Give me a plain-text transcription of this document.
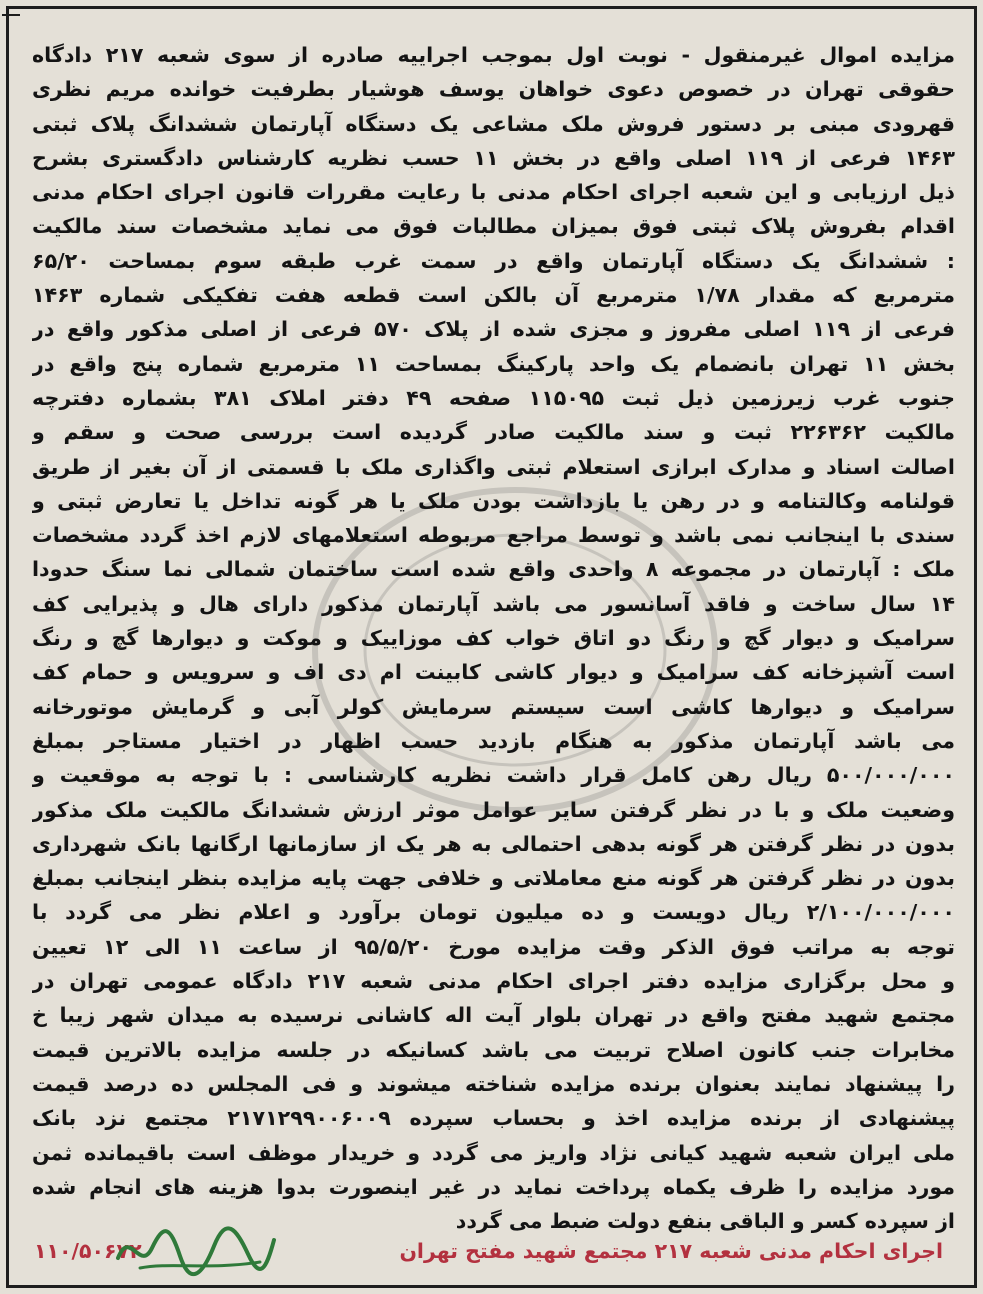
مزایده اموال غیرمنقول - نوبت اول بموجب اجراییه صادره از سوی شعبه ۲۱۷ دادگاه
حقوقی تهران در خصوص دعوی خواهان یوسف هوشیار بطرفیت خوانده مریم نظری
قهرودی مبنی بر دستور فروش ملک مشاعی یک دستگاه آپارتمان ششدانگ پلاک ثبتی
۱۴۶۳ فرعی از ۱۱۹ اصلی واقع در بخش ۱۱ حسب نظریه کارشناس دادگستری بشرح
ذیل ارزیابی و این شعبه اجرای احکام مدنی با رعایت مقررات قانون اجرای احکام مدنی
اقدام بفروش پلاک ثبتی فوق بمیزان مطالبات فوق می نماید مشخصات سند مالکیت
: ششدانگ یک دستگاه آپارتمان واقع در سمت غرب طبقه سوم بمساحت ۶۵/۲۰
مترمربع که مقدار ۱/۷۸ مترمربع آن بالکن است قطعه هفت تفکیکی شماره ۱۴۶۳
فرعی از ۱۱۹ اصلی مفروز و مجزی شده از پلاک ۵۷۰ فرعی از اصلی مذکور واقع در
بخش ۱۱ تهران بانضمام یک واحد پارکینگ بمساحت ۱۱ مترمربع شماره پنج واقع در
جنوب غرب زیرزمین ذیل ثبت ۱۱۵۰۹۵ صفحه ۴۹ دفتر املاک ۳۸۱ بشماره دفترچه
مالکیت ۲۲۶۳۶۲ ثبت و سند مالکیت صادر گردیده است بررسی صحت و سقم و
اصالت اسناد و مدارک ابرازی استعلام ثبتی واگذاری ملک با قسمتی از آن بغیر از طریق
قولنامه وکالتنامه و در رهن یا بازداشت بودن ملک یا هر گونه تداخل یا تعارض ثبتی و
سندی با اینجانب نمی باشد و توسط مراجع مربوطه استعلامهای لازم اخذ گردد مشخصات
ملک : آپارتمان در مجموعه ۸ واحدی واقع شده است ساختمان شمالی نما سنگ حدودا
۱۴ سال ساخت و فاقد آسانسور می باشد آپارتمان مذکور دارای هال و پذیرایی کف
سرامیک و دیوار گچ و رنگ دو اتاق خواب کف موزاییک و موکت و دیوارها گچ و رنگ
است آشپزخانه کف سرامیک و دیوار کاشی کابینت ام دی اف و سرویس و حمام کف
سرامیک و دیوارها کاشی است سیستم سرمایش کولر آبی و گرمایش موتورخانه
می باشد آپارتمان مذکور به هنگام بازدید حسب اظهار در اختیار مستاجر بمبلغ
۵۰۰/۰۰۰/۰۰۰ ریال رهن کامل قرار داشت نظریه کارشناسی : با توجه به موقعیت و
وضعیت ملک و با در نظر گرفتن سایر عوامل موثر ارزش ششدانگ مالکیت ملک مذکور
بدون در نظر گرفتن هر گونه بدهی احتمالی به هر یک از سازمانها ارگانها بانک شهرداری
بدون در نظر گرفتن هر گونه منع معاملاتی و خلافی جهت پایه مزایده بنظر اینجانب بمبلغ
۲/۱۰۰/۰۰۰/۰۰۰ ریال دویست و ده میلیون تومان برآورد و اعلام نظر می گردد با
توجه به مراتب فوق الذکر وقت مزایده مورخ ۹۵/۵/۲۰ از ساعت ۱۱ الی ۱۲ تعیین
و محل برگزاری مزایده دفتر اجرای احکام مدنی شعبه ۲۱۷ دادگاه عمومی تهران در
مجتمع شهید مفتح واقع در تهران بلوار آیت اله کاشانی نرسیده به میدان شهر زیبا خ
مخابرات جنب کانون اصلاح تربیت می باشد کسانیکه در جلسه مزایده بالاترین قیمت
را پیشنهاد نمایند بعنوان برنده مزایده شناخته میشوند و فی المجلس ده درصد قیمت
پیشنهادی از برنده مزایده اخذ و بحساب سپرده ۲۱۷۱۲۹۹۰۰۶۰۰۹ مجتمع نزد بانک
ملی ایران شعبه شهید کیانی نژاد واریز می گردد و خریدار موظف است باقیمانده ثمن
مورد مزایده را ظرف یکماه پرداخت نماید در غیر اینصورت بدوا هزینه های انجام شده
از سپرده کسر و الباقی بنفع دولت ضبط می گردد
اجرای احکام مدنی شعبه ۲۱۷ مجتمع شهید مفتح تهران
۱۱۰/۵۰۶۷۲
